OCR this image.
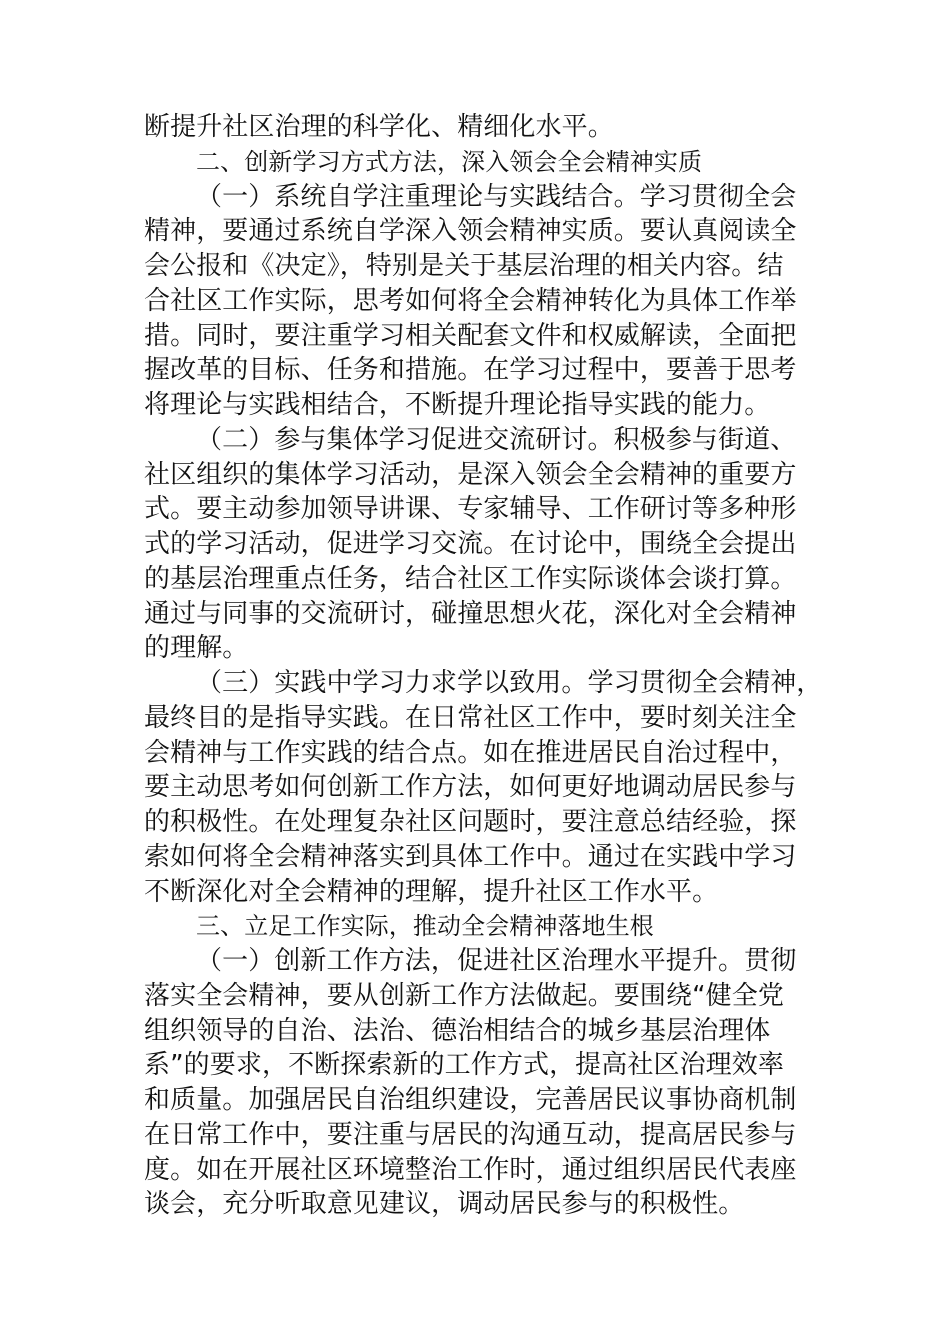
断提升社区治理的科学化、精细化水平。
二、创新学习方式方法，深入领会全会精神实质
（一）系统自学注重理论与实践结合。学习贯彻全会
精神，要通过系统自学深入领会精神实质。要认真阅读全
会公报和《决定》，特别是关于基层治理的相关内容。结
合社区工作实际，思考如何将全会精神转化为具体工作举
措。同时，要注重学习相关配套文件和权威解读，全面把
握改革的目标、任务和措施。在学习过程中，要善于思考
将理论与实践相结合，不断提升理论指导实践的能力。
（二）参与集体学习促进交流研讨。积极参与街道、
社区组织的集体学习活动，是深入领会全会精神的重要方
式。要主动参加领导讲课、专家辅导、工作研讨等多种形
式的学习活动，促进学习交流。在讨论中，围绕全会提出
的基层治理重点任务，结合社区工作实际谈体会谈打算。
通过与同事的交流研讨，碰撞思想火花，深化对全会精神
的理解。
（三）实践中学习力求学以致用。学习贯彻全会精神，
最终目的是指导实践。在日常社区工作中，要时刻关注全
会精神与工作实践的结合点。如在推进居民自治过程中，
要主动思考如何创新工作方法，如何更好地调动居民参与
的积极性。在处理复杂社区问题时，要注意总结经验，探
索如何将全会精神落实到具体工作中。通过在实践中学习
不断深化对全会精神的理解，提升社区工作水平。
三、立足工作实际，推动全会精神落地生根
（一）创新工作方法，促进社区治理水平提升。贯彻
落实全会精神，要从创新工作方法做起。要围绕“健全党
组织领导的自治、法治、德治相结合的城乡基层治理体
系”的要求，不断探索新的工作方式，提高社区治理效率
和质量。加强居民自治组织建设，完善居民议事协商机制
在日常工作中，要注重与居民的沟通互动，提高居民参与
度。如在开展社区环境整治工作时，通过组织居民代表座
谈会，充分听取意见建议，调动居民参与的积极性。
